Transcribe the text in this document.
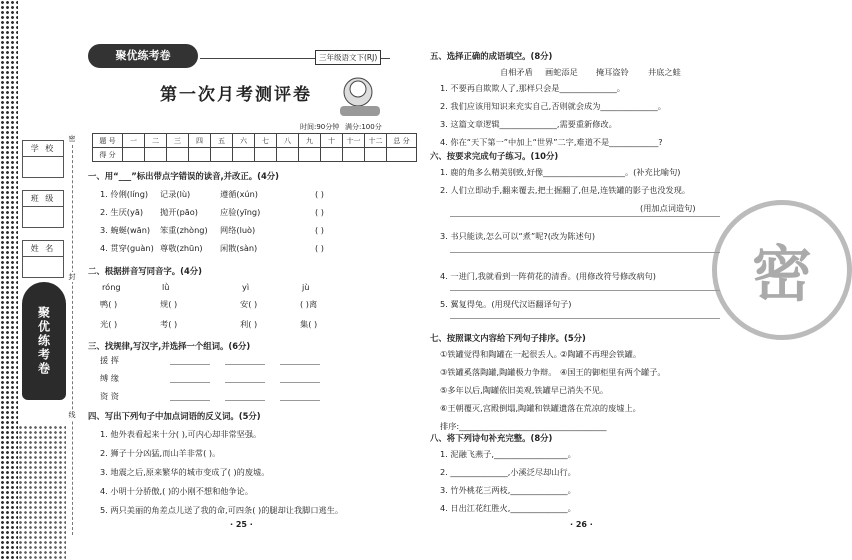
学 校
班 级
姓 名
聚优练考卷
密
封
线
聚优练考卷	三年级语文下(RJ)
第一次月考测评卷
时间:90分钟 满分:100分
题 号	一	二	三	四	五	六	七	八	九	十	十一	十二	总 分
得 分													
一、用“___”标出带点字错误的读音,并改正。(4分)
二、根据拼音写同音字。(4分)
三、找规律,写汉字,并选择一个组词。(6分)
四、写出下列句子中加点词语的反义词。(5分)
· 25 ·
密
五、选择正确的成语填空。(8分)
六、按要求完成句子练习。(10分)
七、按照课文内容给下列句子排序。(5分)
八、将下列诗句补充完整。(8分)
· 26 ·
1. 伶俐(líng) 记录(lù)	遵循(xún)	( )
2. 生厌(yā) 抛开(pāo)	应验(yīng)	( )
3. 蜿蜒(wān) 笨重(zhòng) 网络(luò)	( )
4. 贯穿(guàn) 尊敬(zhūn) 闲散(sàn)	( )
róng	lǜ	yì	jù
鸭( )	规( )	安( )	( )离
光( )	考( )	利( )	集( )
援 挥
缚 缘
资 资
1. 他外表看起来十分( ),可内心却非常坚强。
2. 狮子十分凶猛,而山羊非常( )。
3. 地震之后,原来繁华的城市变成了( )的废墟。
4. 小明十分骄傲,( )的小刚不想和他争论。
5. 两只美丽的角差点儿送了我的命,可四条( )的腿却让我脚口逃生。
自相矛盾 画蛇添足 掩耳盗铃 井底之蛙
1. 不要再自欺欺人了,那样只会是______________。
2. 我们应该用知识来充实自己,否则就会成为______________。
3. 这篇文章逻辑______________,需要重新修改。
4. 你在“天下第一”中加上“世界”二字,难道不是____________?
1. 鹿的角多么精美别致,好像____________________。(补充比喻句)
2. 人们立即动手,翻来覆去,把土掘翻了,但是,连铁罐的影子也没发现。
(用加点词造句)
3. 书只能读,怎么可以“煮”呢?(改为陈述句)
4. 一进门,我就看到一阵荷花的清香。(用修改符号修改病句)
5. 翼复得兔。(用现代汉语翻译句子)
①铁罐觉得和陶罐在一起很丢人。
②陶罐不再理会铁罐。
③铁罐奚落陶罐,陶罐极力争辩。 ④国王的御柜里有两个罐子。
⑤多年以后,陶罐依旧美观,铁罐早已消失不见。
⑥王朝覆灭,宫殿倒塌,陶罐和铁罐遗落在荒凉的废墟上。
排序:____________________________________
1. 泥融飞燕子,__________________。
2. ______________,小溪泛尽却山行。
3. 竹外桃花三两枝,______________。
4. 日出江花红胜火,______________。
